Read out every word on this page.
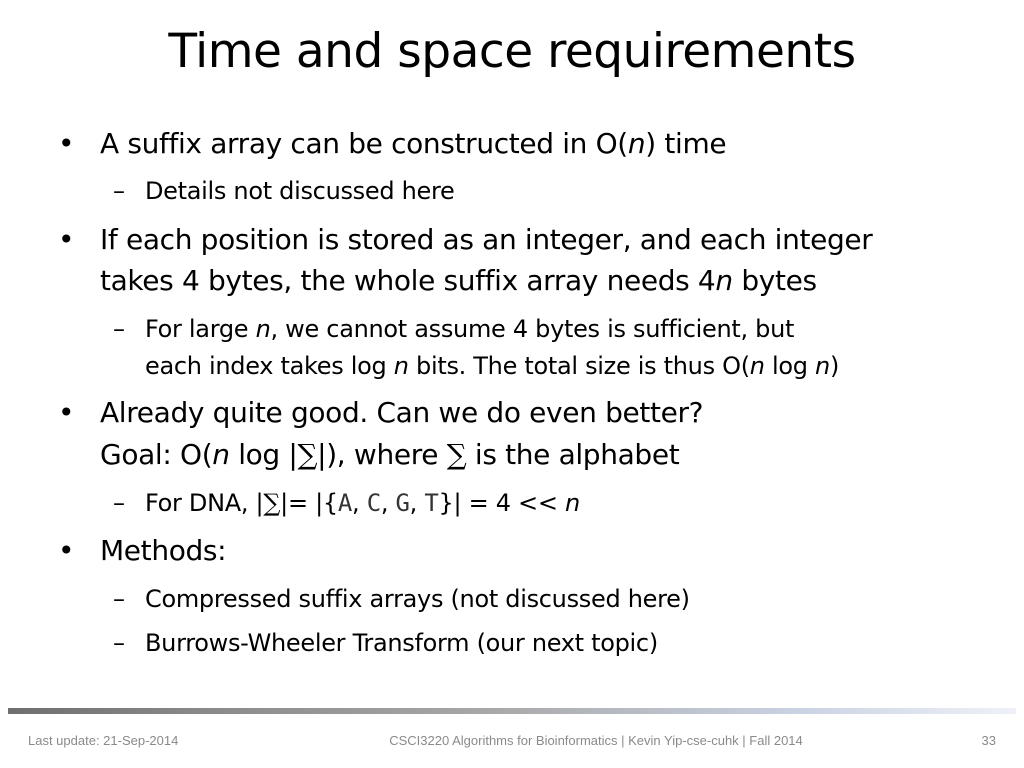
Time and space requirements
• A suffix array can be constructed in O(n) time
– Details not discussed here
• If each position is stored as an integer, and each integer
takes 4 bytes, the whole suffix array needs 4n bytes
– For large n, we cannot assume 4 bytes is sufficient, but
each index takes log n bits. The total size is thus O(n log n)
• Already quite good. Can we do even better?
Goal: O(n log |∑|), where ∑ is the alphabet
– For DNA, |∑|= |{A, C, G, T}| = 4 << n
• Methods:
– Compressed suffix arrays (not discussed here)
– Burrows-Wheeler Transform (our next topic)
Last update: 21-Sep-2014	CSCI3220 Algorithms for Bioinformatics | Kevin Yip-cse-cuhk | Fall 2014	33
